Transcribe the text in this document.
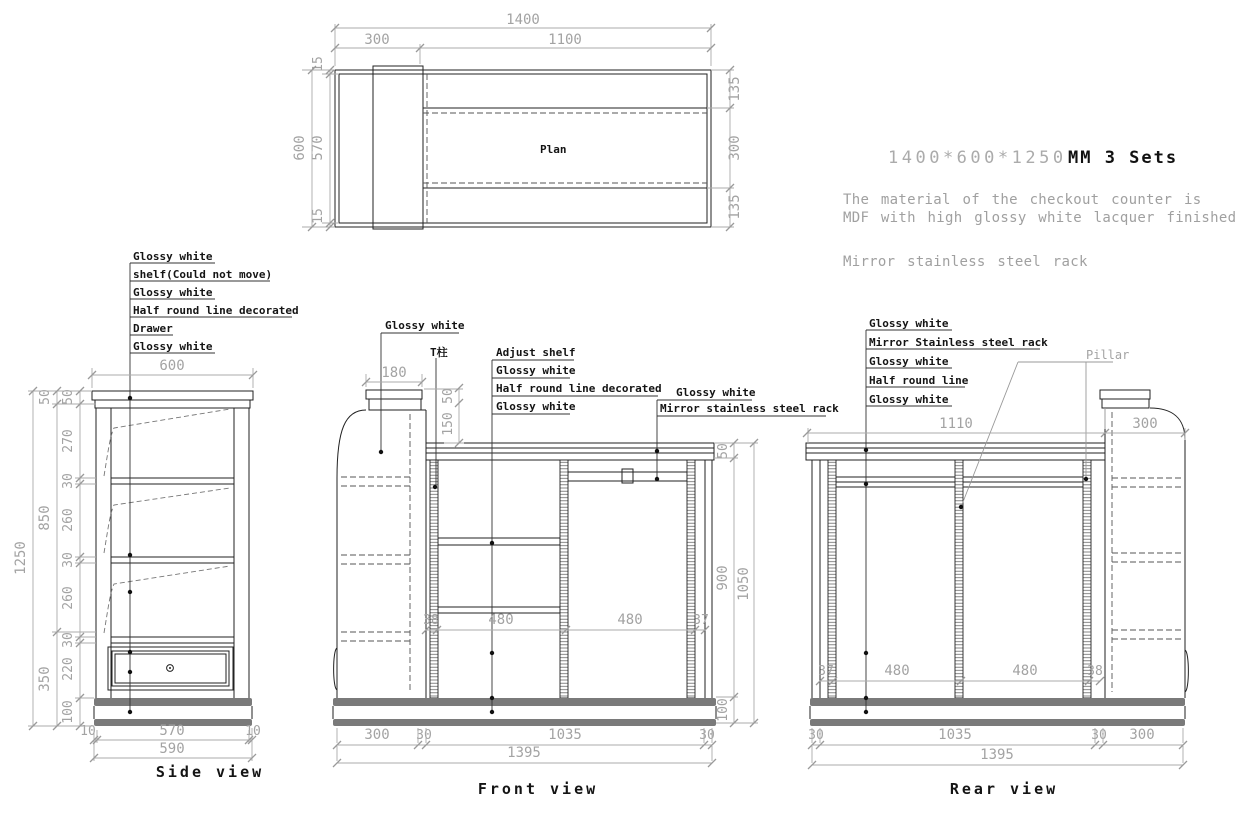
Plan
1400
300	1100
600 570
15
15
135
300
135
1400*600*1250 MM 3 Sets
The material of the checkout counter is
MDF with high glossy white lacquer finished
Mirror stainless steel rack
Glossy white
shelf(Could not move)
Glossy white
Half round line decorated
Drawer
Glossy white
600
1250
50
850
350
50
270
30
260
30
260
30
220
100
10	570	10
590
Side view
Glossy white
T柱	Adjust shelf
Glossy white
Half round line decorated
Glossy white
Glossy white
Mirror stainless steel rack
180
150
50
38	480	480	37
50
900 1050
100
300 30	1035	30
1395
Front view
Glossy white
Mirror Stainless steel rack
Glossy white
Half round line
Glossy white
Pillar
1110	300
37	480	480	38
30	1035	30 300
1395
Rear view
